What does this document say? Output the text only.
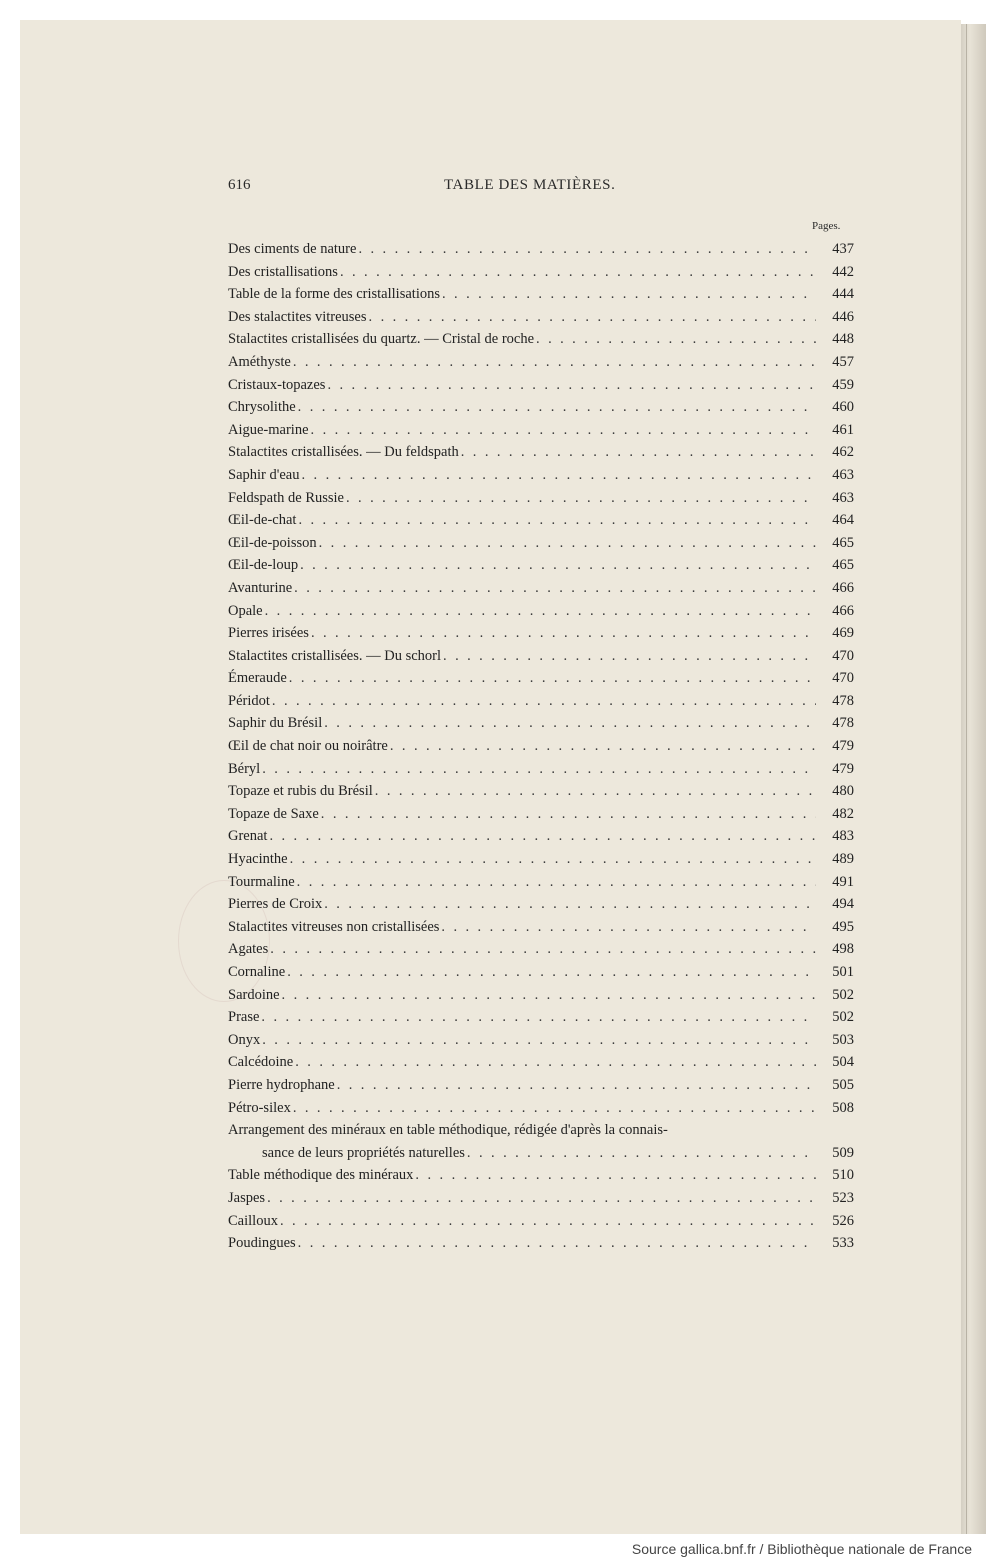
616	TABLE DES MATIÈRES.
Pages.
Des ciments de nature . . .	437
Des cristallisations . . .	442
Table de la forme des cristallisations . . .	444
Des stalactites vitreuses . . .	446
Stalactites cristallisées du quartz. — Cristal de roche . . .	448
Améthyste . . .	457
Cristaux-topazes . . .	459
Chrysolithe . . .	460
Aigue-marine . . .	461
Stalactites cristallisées. — Du feldspath . . .	462
Saphir d'eau . . .	463
Feldspath de Russie . . .	463
Œil-de-chat . . .	464
Œil-de-poisson . . .	465
Œil-de-loup . . .	465
Avanturine . . .	466
Opale . . .	466
Pierres irisées . . .	469
Stalactites cristallisées. — Du schorl . . .	470
Émeraude . . .	470
Péridot . . .	478
Saphir du Brésil . . .	478
Œil de chat noir ou noirâtre . . .	479
Béryl . . .	479
Topaze et rubis du Brésil . . .	480
Topaze de Saxe . . .	482
Grenat . . .	483
Hyacinthe . . .	489
Tourmaline . . .	491
Pierres de Croix . . .	494
Stalactites vitreuses non cristallisées . . .	495
Agates . . .	498
Cornaline . . .	501
Sardoine . . .	502
Prase . . .	502
Onyx . . .	503
Calcédoine . . .	504
Pierre hydrophane . . .	505
Pétro-silex . . .	508
Arrangement des minéraux en table méthodique, rédigée d'après la connais-
sance de leurs propriétés naturelles . . .	509
Table méthodique des minéraux . . .	510
Jaspes . . .	523
Cailloux . . .	526
Poudingues . . .	533
Source gallica.bnf.fr / Bibliothèque nationale de France
